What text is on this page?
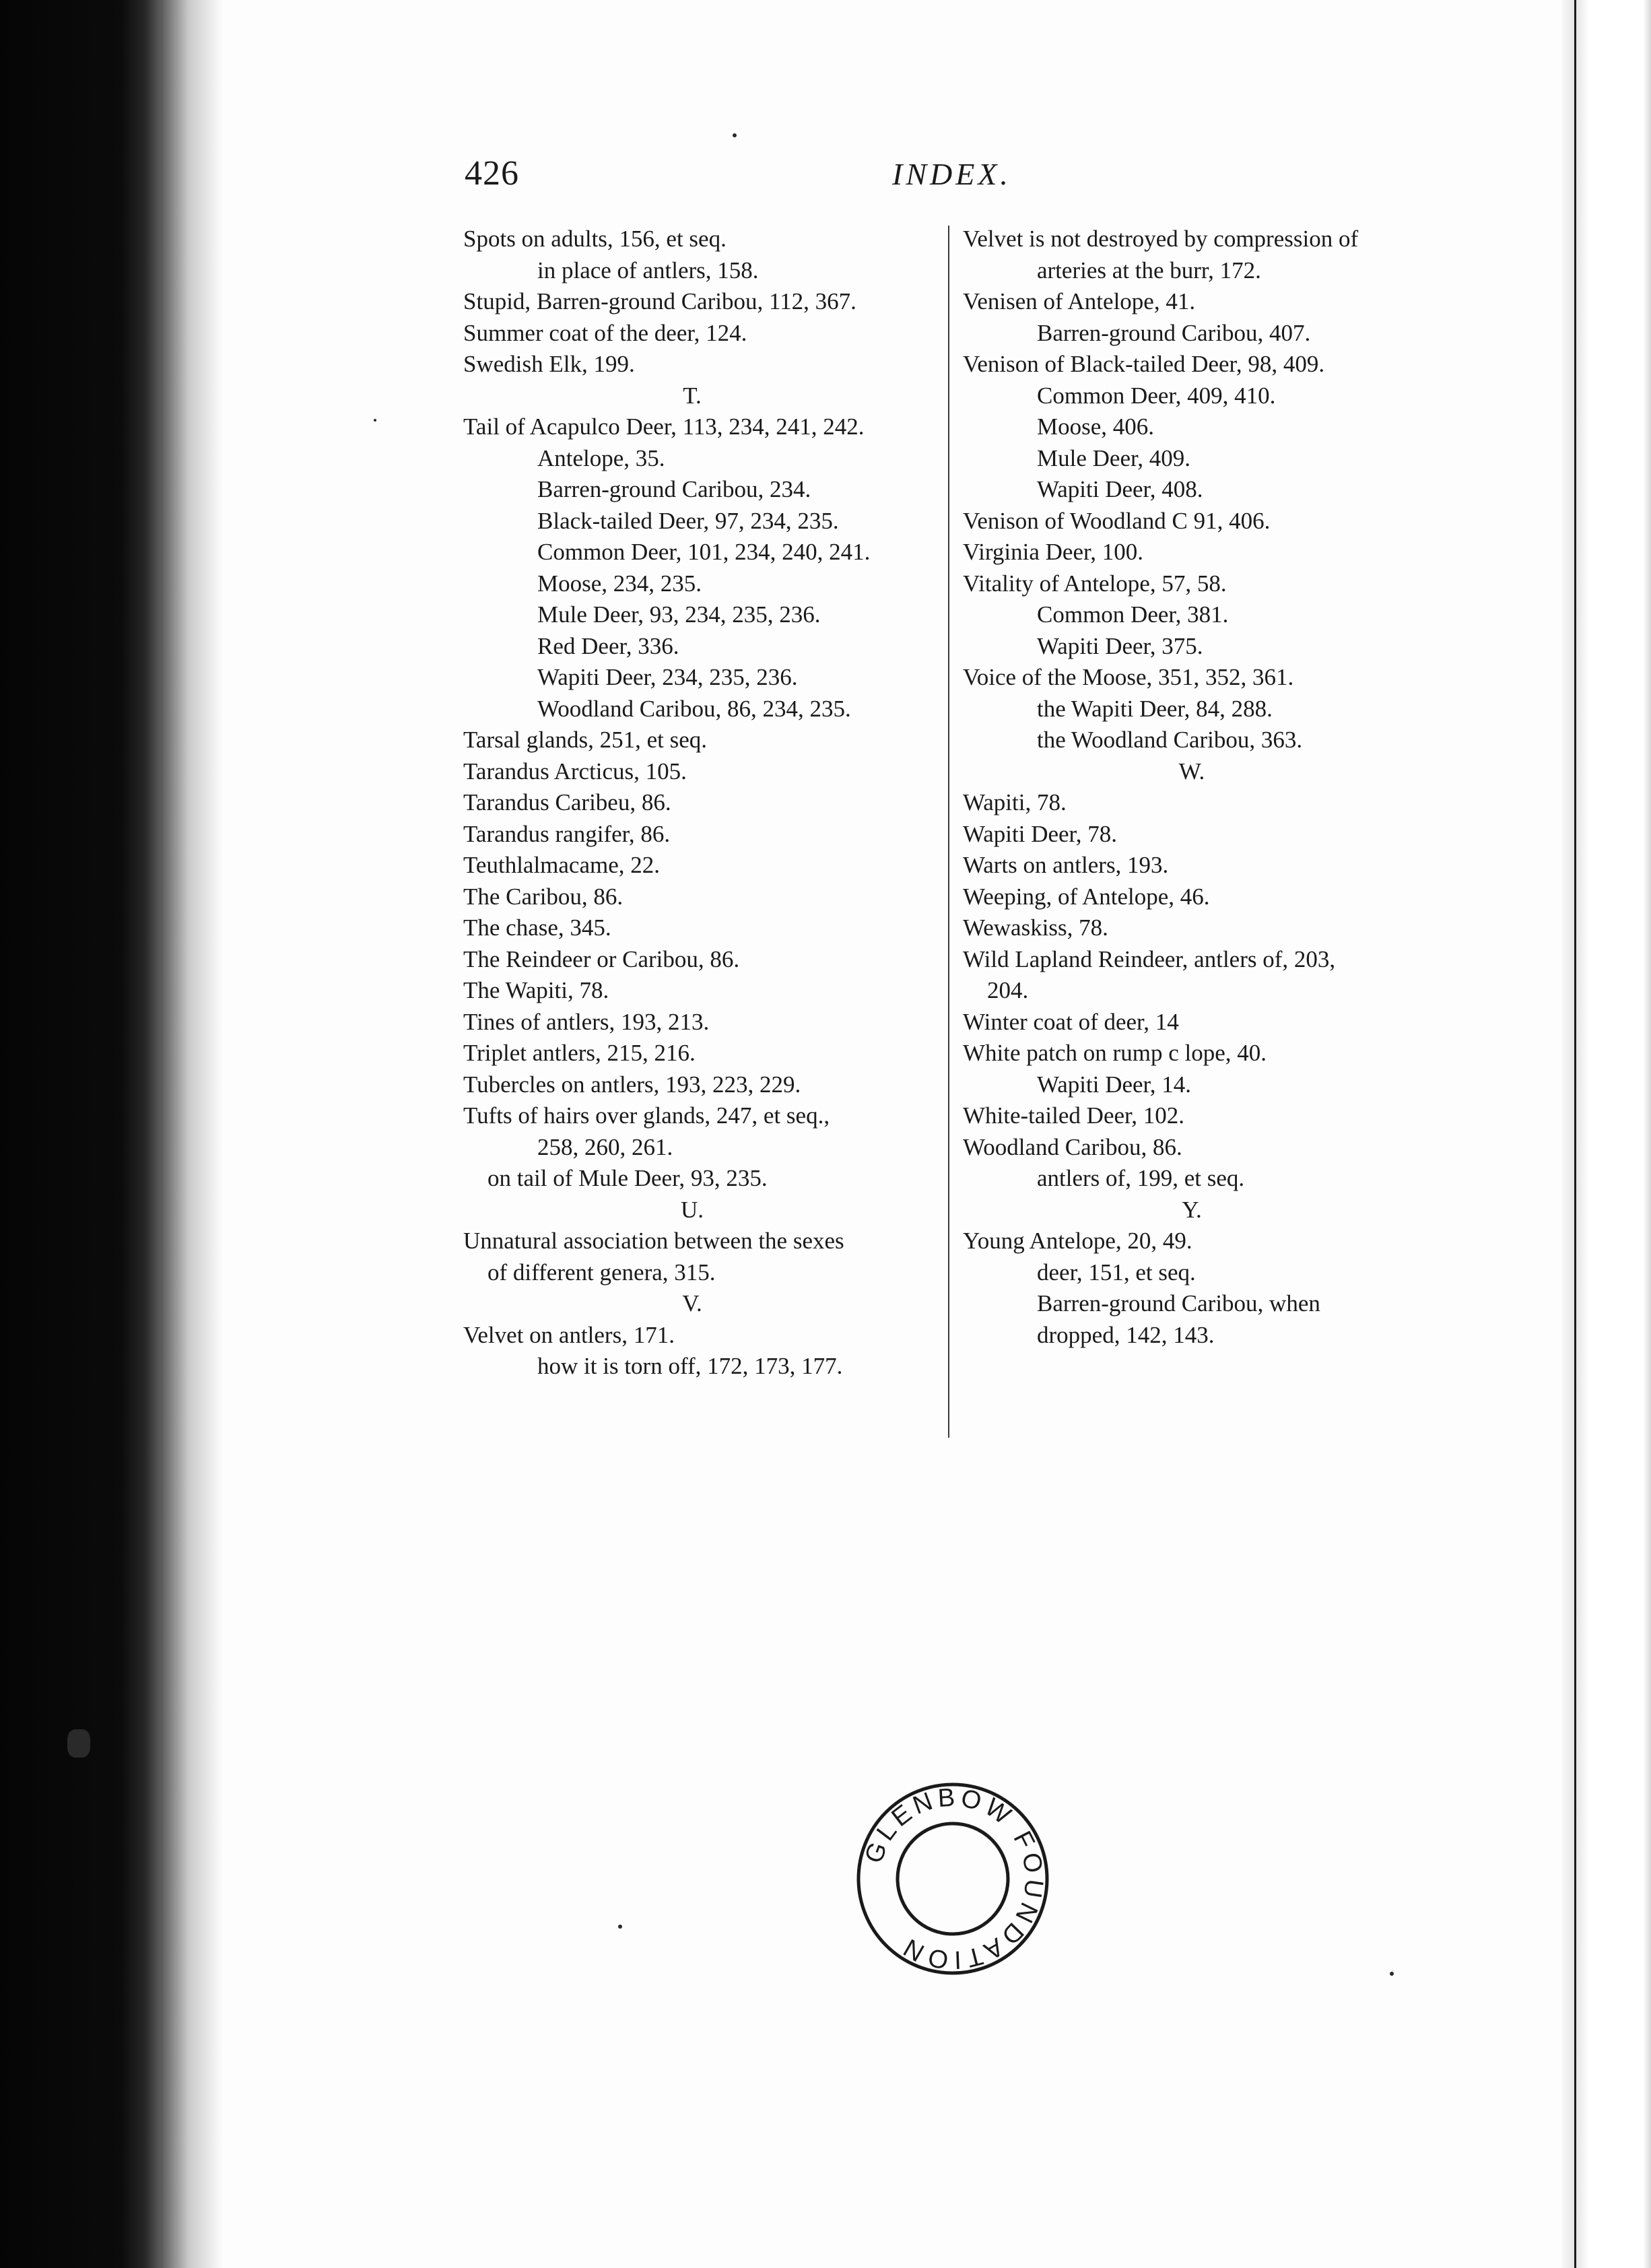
426	INDEX.
Spots on adults, 156, et seq.
in place of antlers, 158.
Stupid, Barren-ground Caribou, 112, 367.
Summer coat of the deer, 124.
Swedish Elk, 199.
T.
Tail of Acapulco Deer, 113, 234, 241, 242.
Antelope, 35.
Barren-ground Caribou, 234.
Black-tailed Deer, 97, 234, 235.
Common Deer, 101, 234, 240, 241.
Moose, 234, 235.
Mule Deer, 93, 234, 235, 236.
Red Deer, 336.
Wapiti Deer, 234, 235, 236.
Woodland Caribou, 86, 234, 235.
Tarsal glands, 251, et seq.
Tarandus Arcticus, 105.
Tarandus Caribeu, 86.
Tarandus rangifer, 86.
Teuthlalmacame, 22.
The Caribou, 86.
The chase, 345.
The Reindeer or Caribou, 86.
The Wapiti, 78.
Tines of antlers, 193, 213.
Triplet antlers, 215, 216.
Tubercles on antlers, 193, 223, 229.
Tufts of hairs over glands, 247, et seq.,
258, 260, 261.
on tail of Mule Deer, 93, 235.
U.
Unnatural association between the sexes
of different genera, 315.
V.
Velvet on antlers, 171.
how it is torn off, 172, 173, 177.
Velvet is not destroyed by compression of
arteries at the burr, 172.
Venisen of Antelope, 41.
Barren-ground Caribou, 407.
Venison of Black-tailed Deer, 98, 409.
Common Deer, 409, 410.
Moose, 406.
Mule Deer, 409.
Wapiti Deer, 408.
Venison of Woodland C 91, 406.
Virginia Deer, 100.
Vitality of Antelope, 57, 58.
Common Deer, 381.
Wapiti Deer, 375.
Voice of the Moose, 351, 352, 361.
the Wapiti Deer, 84, 288.
the Woodland Caribou, 363.
W.
Wapiti, 78.
Wapiti Deer, 78.
Warts on antlers, 193.
Weeping, of Antelope, 46.
Wewaskiss, 78.
Wild Lapland Reindeer, antlers of, 203,
204.
Winter coat of deer, 14
White patch on rump c lope, 40.
Wapiti Deer, 14.
White-tailed Deer, 102.
Woodland Caribou, 86.
antlers of, 199, et seq.
Y.
Young Antelope, 20, 49.
deer, 151, et seq.
Barren-ground Caribou, when
dropped, 142, 143.
GLENBOW FOUNDATION
